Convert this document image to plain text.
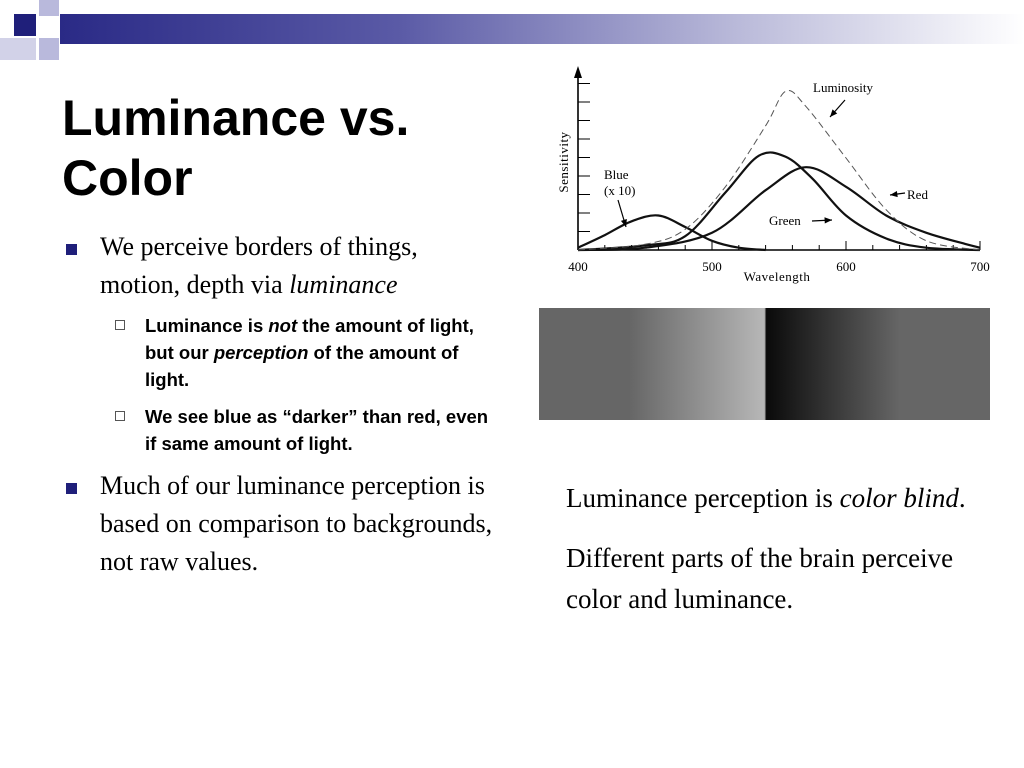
Luminance vs. Color
We perceive borders of things, motion, depth via luminance
Luminance is not the amount of light, but our perception of the amount of light.
We see blue as “darker” than red, even if same amount of light.
Much of our luminance perception is based on comparison to backgrounds, not raw values.
400	500	600	700
Sensitivity
Wavelength
Luminosity
Blue
(x 10)	Red
Green

Luminance perception is color blind.

Different parts of the brain perceive color and luminance.
